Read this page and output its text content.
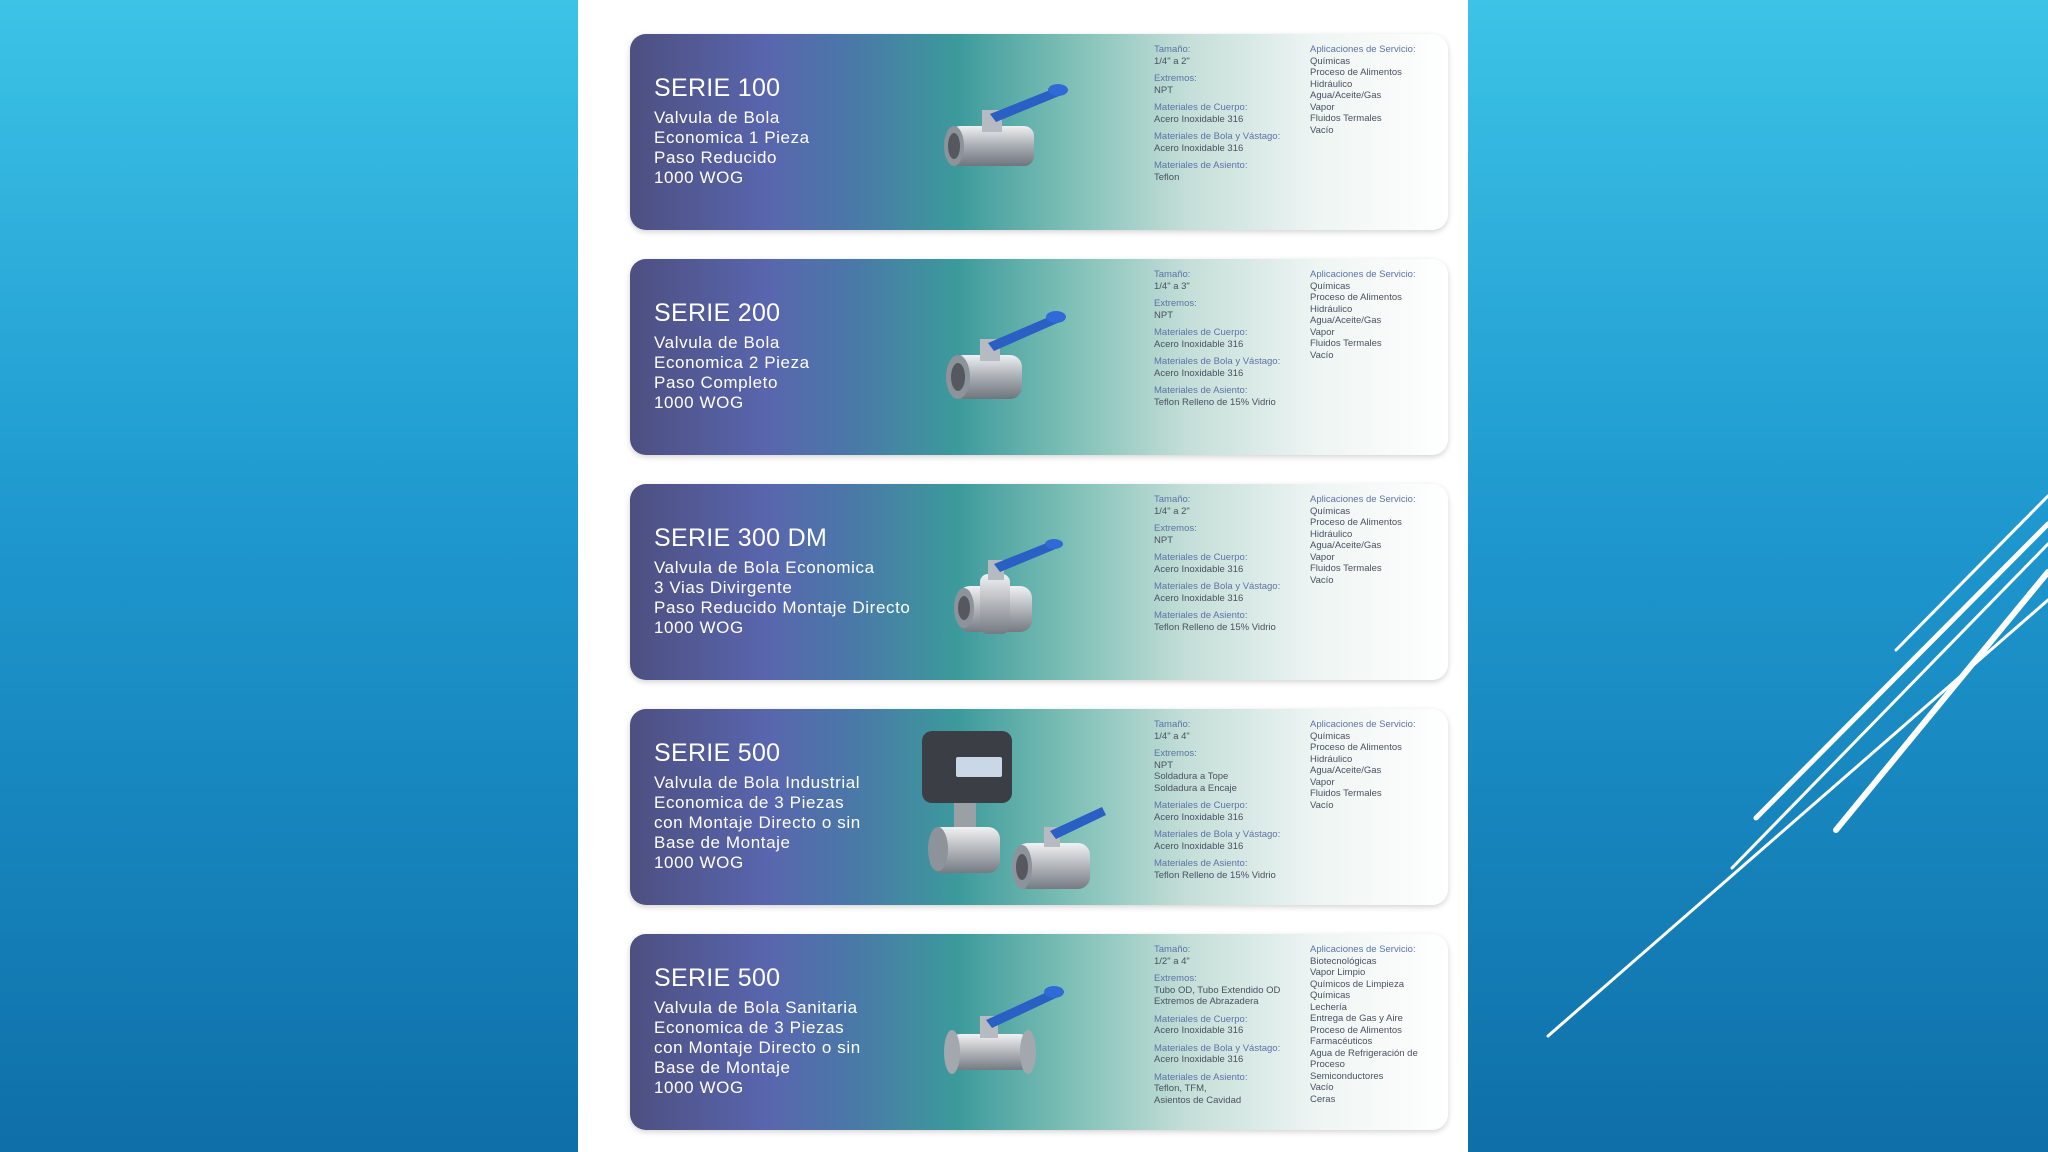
SERIE 100
Valvula de Bola
Economica 1 Pieza
Paso Reducido
1000 WOG
Tamaño:
1/4" a 2"
Extremos:
NPT
Materiales de Cuerpo:
Acero Inoxidable 316
Materiales de Bola y Vástago:
Acero Inoxidable 316
Materiales de Asiento:
Teflon
Aplicaciones de Servicio:
Químicas
Proceso de Alimentos
Hidráulico
Agua/Aceite/Gas
Vapor
Fluidos Termales
Vacío
SERIE 200
Valvula de Bola
Economica 2 Pieza
Paso Completo
1000 WOG
Tamaño:
1/4" a 3"
Extremos:
NPT
Materiales de Cuerpo:
Acero Inoxidable 316
Materiales de Bola y Vástago:
Acero Inoxidable 316
Materiales de Asiento:
Teflon Relleno de 15% Vidrio
Aplicaciones de Servicio:
Químicas
Proceso de Alimentos
Hidráulico
Agua/Aceite/Gas
Vapor
Fluidos Termales
Vacío
SERIE 300 DM
Valvula de Bola Economica
3 Vias Divirgente
Paso Reducido Montaje Directo
1000 WOG
Tamaño:
1/4" a 2"
Extremos:
NPT
Materiales de Cuerpo:
Acero Inoxidable 316
Materiales de Bola y Vástago:
Acero Inoxidable 316
Materiales de Asiento:
Teflon Relleno de 15% Vidrio
Aplicaciones de Servicio:
Químicas
Proceso de Alimentos
Hidráulico
Agua/Aceite/Gas
Vapor
Fluidos Termales
Vacío
SERIE 500
Valvula de Bola Industrial
Economica de 3 Piezas
con Montaje Directo o sin
Base de Montaje
1000 WOG
Tamaño:
1/4" a 4"
Extremos:
NPT
Soldadura a Tope
Soldadura a Encaje
Materiales de Cuerpo:
Acero Inoxidable 316
Materiales de Bola y Vástago:
Acero Inoxidable 316
Materiales de Asiento:
Teflon Relleno de 15% Vidrio
Aplicaciones de Servicio:
Químicas
Proceso de Alimentos
Hidráulico
Agua/Aceite/Gas
Vapor
Fluidos Termales
Vacío
SERIE 500
Valvula de Bola Sanitaria
Economica de 3 Piezas
con Montaje Directo o sin
Base de Montaje
1000 WOG
Tamaño:
1/2" a 4"
Extremos:
Tubo OD, Tubo Extendido OD
Extremos de Abrazadera
Materiales de Cuerpo:
Acero Inoxidable 316
Materiales de Bola y Vástago:
Acero Inoxidable 316
Materiales de Asiento:
Teflon, TFM,
Asientos de Cavidad
Aplicaciones de Servicio:
Biotecnológicas
Vapor Limpio
Químicos de Limpieza
Químicas
Lechería
Entrega de Gas y Aire
Proceso de Alimentos
Farmacéuticos
Agua de Refrigeración de
Proceso
Semiconductores
Vacío
Ceras
